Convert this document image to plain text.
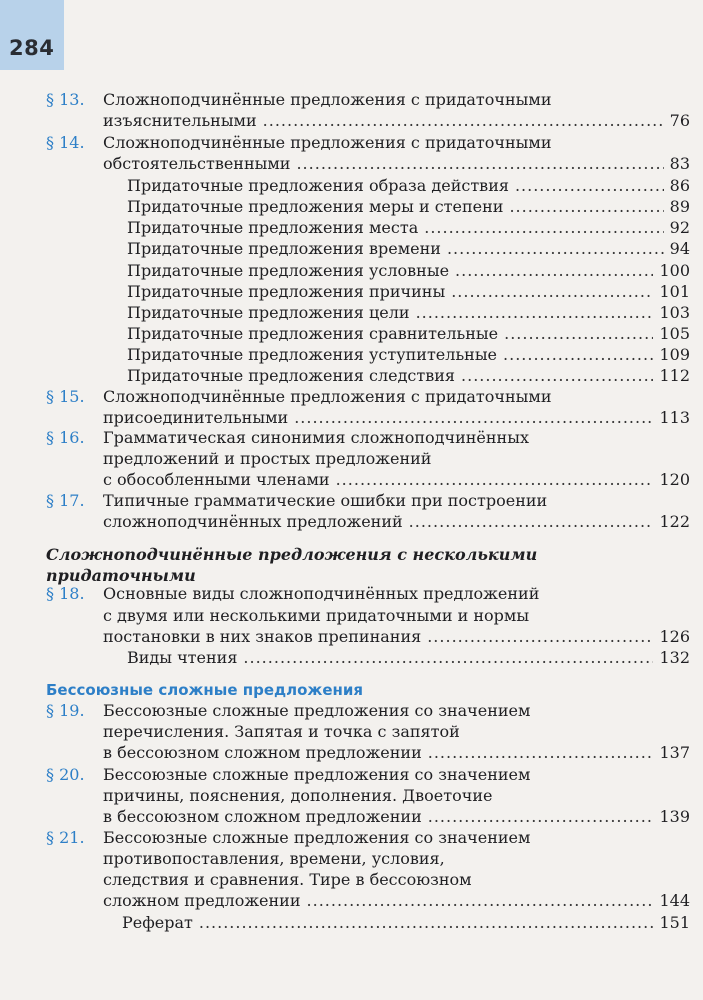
284
§ 13. Сложноподчинённые предложения с придаточными
изъяснительными .....	76
§ 14. Сложноподчинённые предложения с придаточными
обстоятельственными .....	83
Придаточные предложения образа действия .....	86
Придаточные предложения меры и степени .....	89
Придаточные предложения места .....	92
Придаточные предложения времени .....	94
Придаточные предложения условные .....	100
Придаточные предложения причины .....	101
Придаточные предложения цели .....	103
Придаточные предложения сравнительные .....	105
Придаточные предложения уступительные .....	109
Придаточные предложения следствия .....	112
§ 15. Сложноподчинённые предложения с придаточными
присоединительными .....	113
§ 16. Грамматическая синонимия сложноподчинённых
предложений и простых предложений
с обособленными членами .....	120
§ 17. Типичные грамматические ошибки при построении
сложноподчинённых предложений .....	122
Сложноподчинённые предложения с несколькими
придаточными
§ 18. Основные виды сложноподчинённых предложений
с двумя или несколькими придаточными и нормы
постановки в них знаков препинания .....	126
Виды чтения .....	132
Бессоюзные сложные предложения
§ 19. Бессоюзные сложные предложения со значением
перечисления. Запятая и точка с запятой
в бессоюзном сложном предложении .....	137
§ 20. Бессоюзные сложные предложения со значением
причины, пояснения, дополнения. Двоеточие
в бессоюзном сложном предложении .....	139
§ 21. Бессоюзные сложные предложения со значением
противопоставления, времени, условия,
следствия и сравнения. Тире в бессоюзном
сложном предложении .....	144
Реферат .....	151
